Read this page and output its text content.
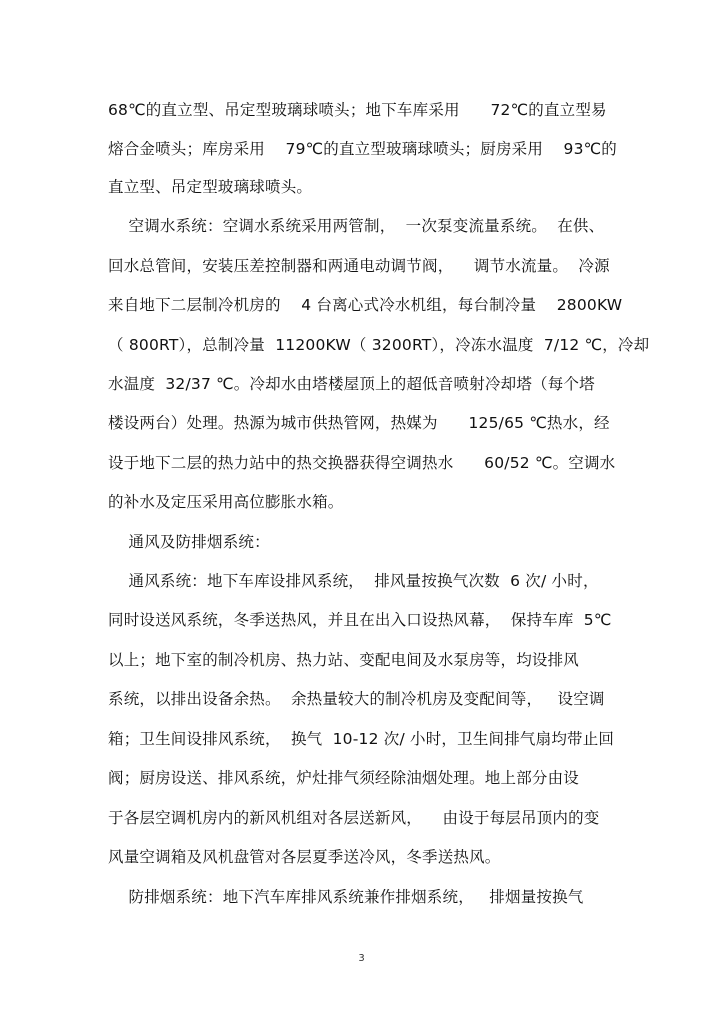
68℃的直立型、吊定型玻璃球喷头；地下车库采用      72℃的直立型易
熔合金喷头；库房采用    79℃的直立型玻璃球喷头；厨房采用    93℃的
直立型、吊定型玻璃球喷头。
空调水系统：空调水系统采用两管制，  一次泵变流量系统。  在供、
回水总管间，安装压差控制器和两通电动调节阀，    调节水流量。  冷源
来自地下二层制冷机房的    4 台离心式冷水机组，每台制冷量    2800KW
（ 800RT），总制冷量  11200KW（ 3200RT），冷冻水温度  7/12 ℃，冷却
水温度  32/37 ℃。冷却水由塔楼屋顶上的超低音喷射冷却塔（每个塔
楼设两台）处理。热源为城市供热管网，热媒为      125/65 ℃热水，经
设于地下二层的热力站中的热交换器获得空调热水      60/52 ℃。空调水
的补水及定压采用高位膨胀水箱。
通风及防排烟系统：
通风系统：地下车库设排风系统，  排风量按换气次数  6 次/ 小时，
同时设送风系统，冬季送热风，并且在出入口设热风幕，  保持车库  5℃
以上；地下室的制冷机房、热力站、变配电间及水泵房等，均设排风
系统，以排出设备余热。  余热量较大的制冷机房及变配间等，   设空调
箱；卫生间设排风系统，  换气  10-12 次/ 小时，卫生间排气扇均带止回
阀；厨房设送、排风系统，炉灶排气须经除油烟处理。地上部分由设
于各层空调机房内的新风机组对各层送新风，    由设于每层吊顶内的变
风量空调箱及风机盘管对各层夏季送冷风，冬季送热风。
防排烟系统：地下汽车库排风系统兼作排烟系统，   排烟量按换气
3
